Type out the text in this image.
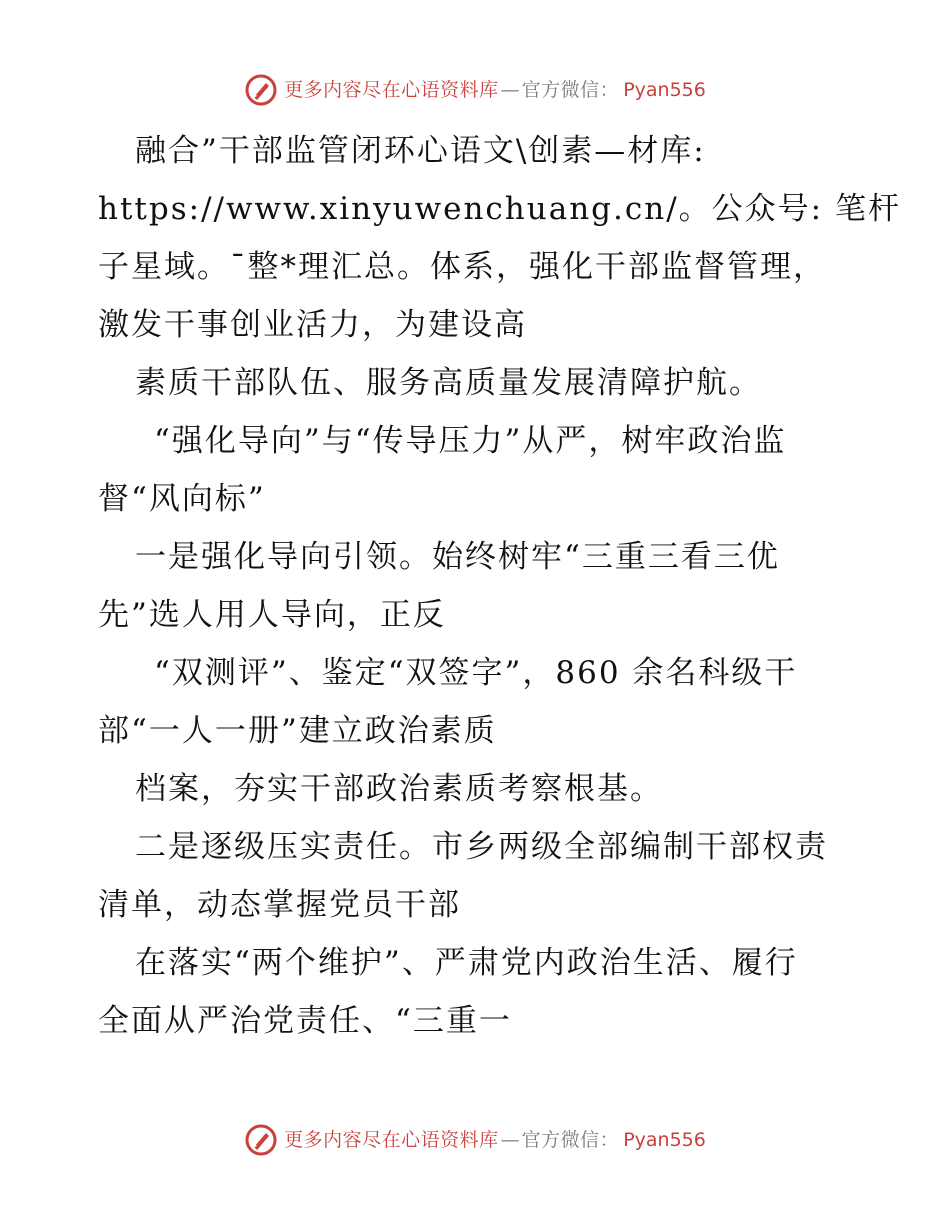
更多内容尽在心语资料库 — 官方微信： Pyan556
融合”干部监管闭环心语文\创素—材库:
https://www.xinyuwenchuang.cn/。公众号: 笔杆
子星域。¯整*理汇总。体系，强化干部监督管理，
激发干事创业活力，为建设高
素质干部队伍、服务高质量发展清障护航。
“强化导向”与“传导压力”从严，树牢政治监
督“风向标”
一是强化导向引领。始终树牢“三重三看三优
先”选人用人导向，正反
“双测评”、鉴定“双签字”，860 余名科级干
部“一人一册”建立政治素质
档案，夯实干部政治素质考察根基。
二是逐级压实责任。市乡两级全部编制干部权责
清单，动态掌握党员干部
在落实“两个维护”、严肃党内政治生活、履行
全面从严治党责任、“三重一
更多内容尽在心语资料库 — 官方微信： Pyan556
